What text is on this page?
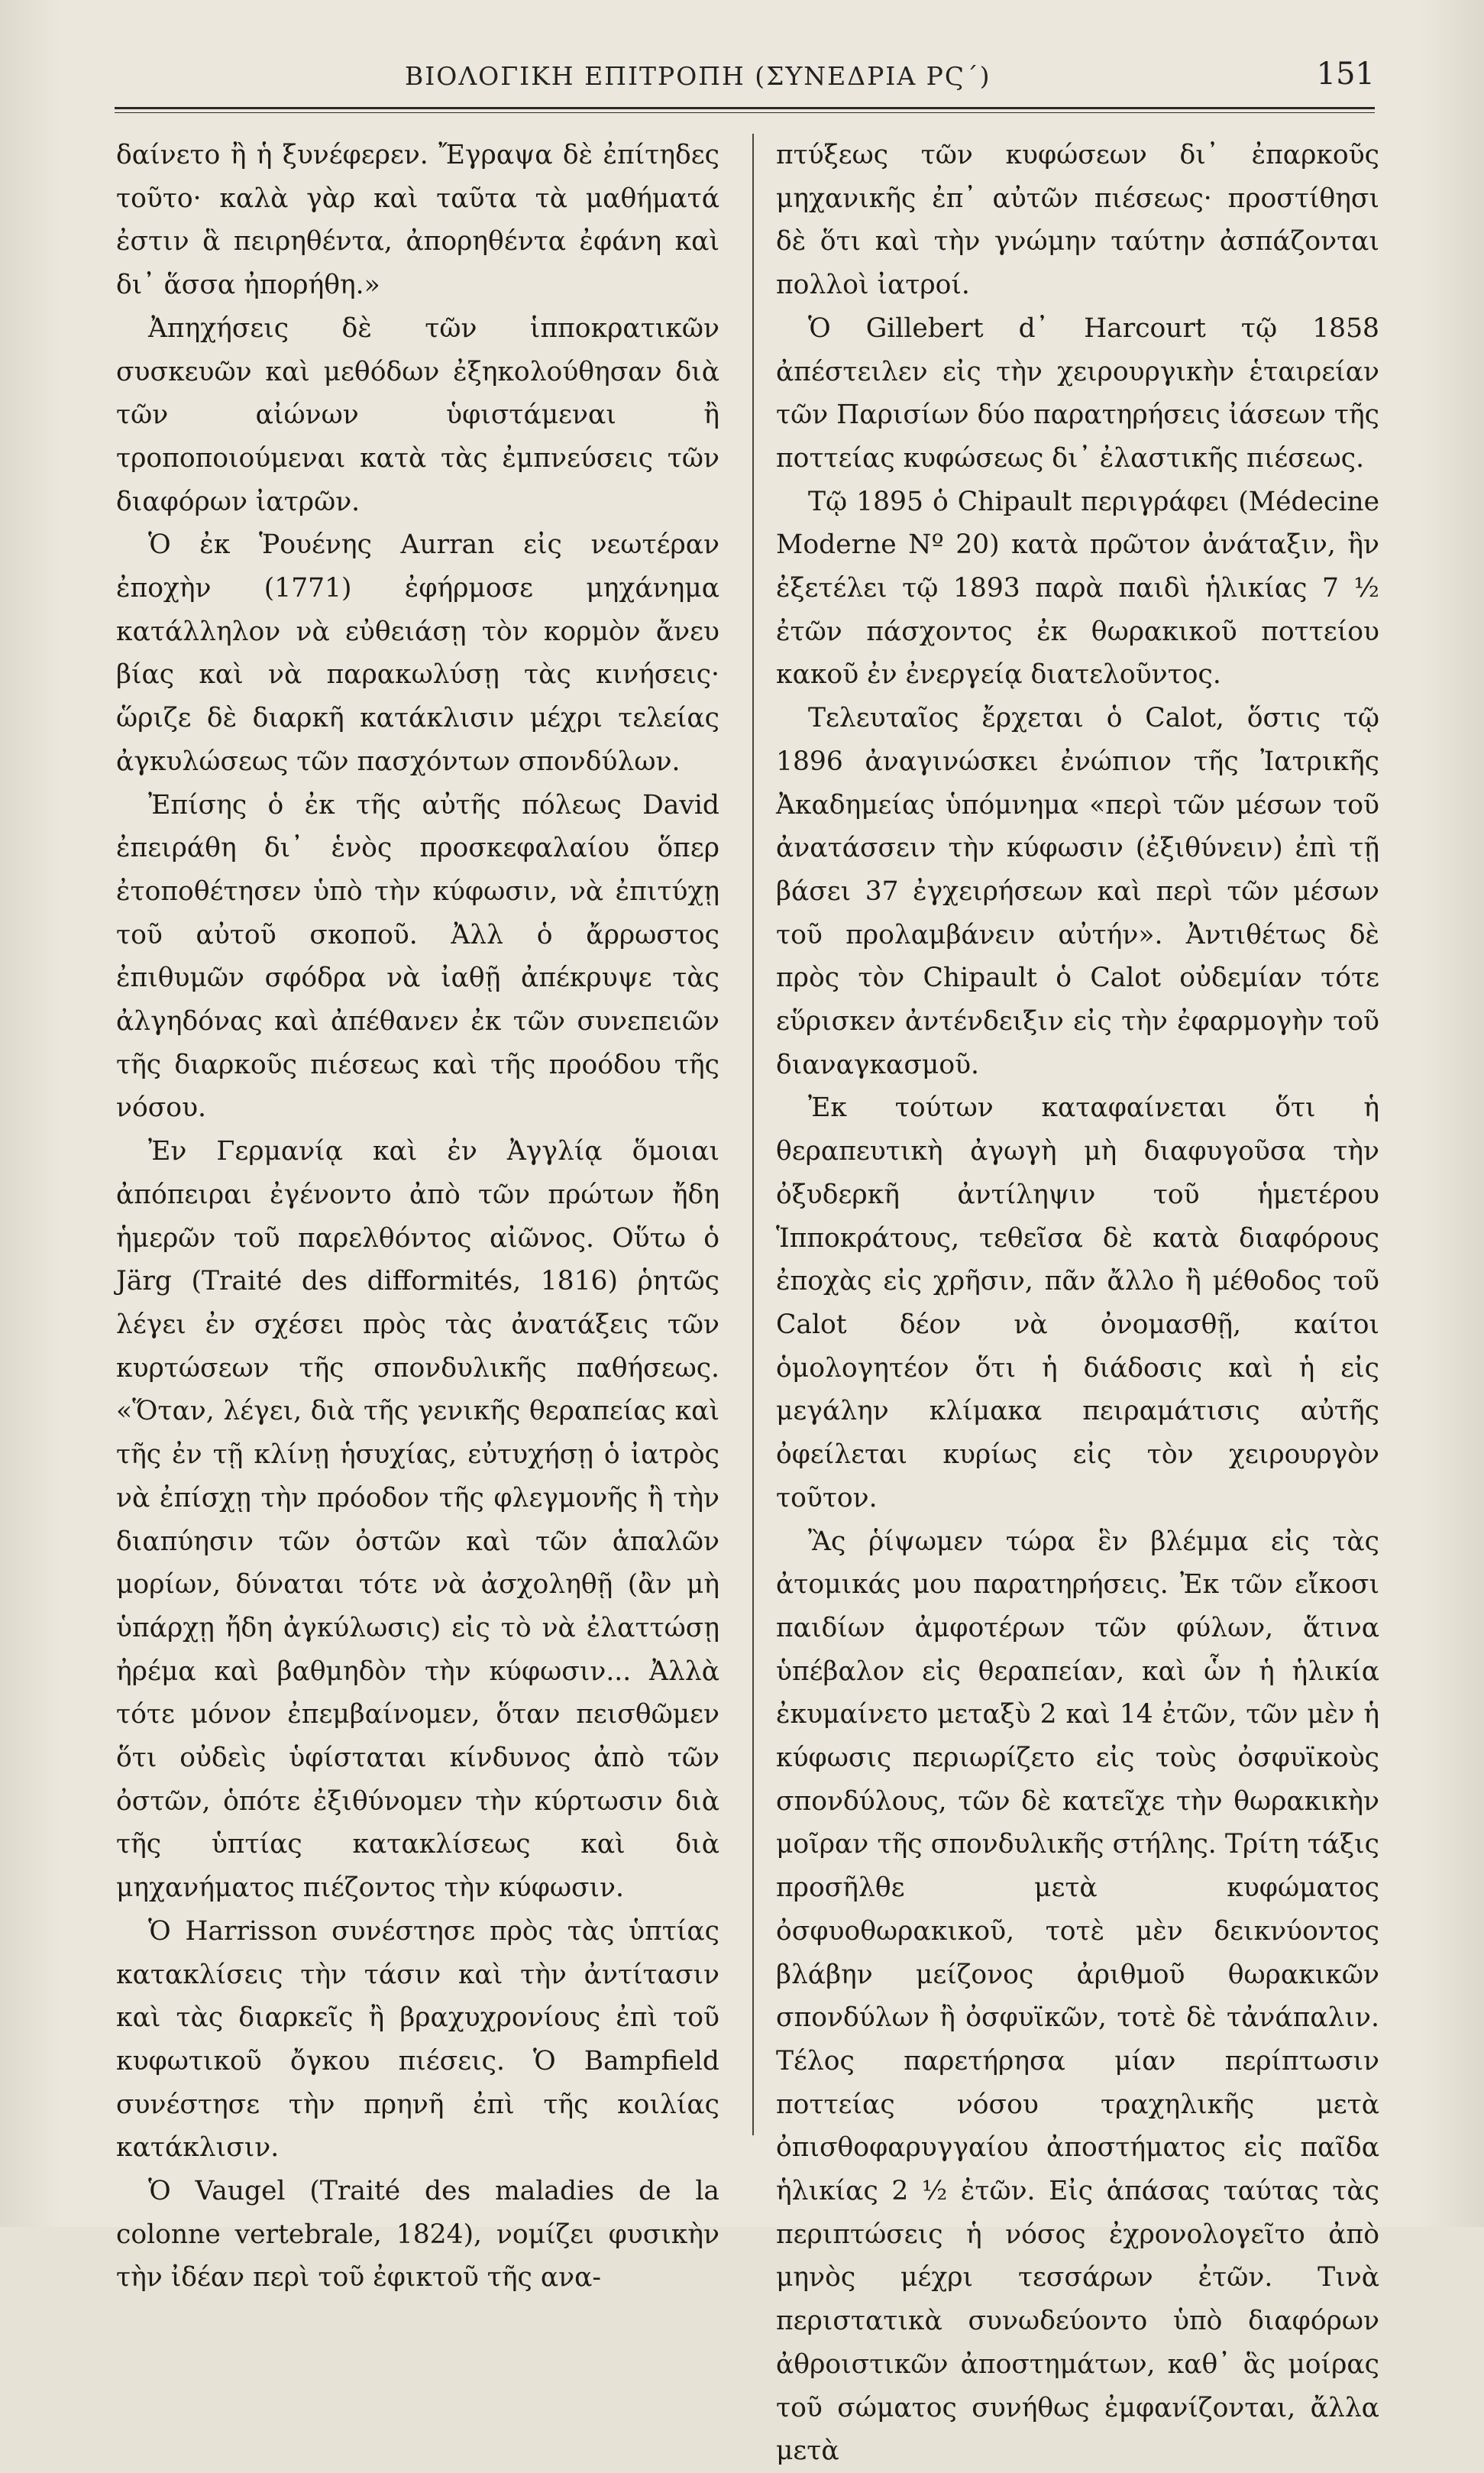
ΒΙΟΛΟΓΙΚΗ ΕΠΙΤΡΟΠΗ (ΣΥΝΕΔΡΙΑ ΡϚ΄)	151

δαίνετο ἢ ἡ ξυνέφερεν. Ἔγραψα δὲ ἐπίτηδες τοῦτο· καλὰ γὰρ καὶ ταῦτα τὰ μαθήματά ἐστιν ἃ πειρηθέντα, ἀπορηθέντα ἐφάνη καὶ δι᾽ ἅσσα ἠπορήθη.»

Ἀπηχήσεις δὲ τῶν ἱπποκρατικῶν συσκευῶν καὶ μεθόδων ἐξηκολούθησαν διὰ τῶν αἰώνων ὑφιστάμεναι ἢ τροποποιούμεναι κατὰ τὰς ἐμπνεύσεις τῶν διαφόρων ἰατρῶν.

Ὁ ἐκ Ῥουένης Aurran εἰς νεωτέραν ἐποχὴν (1771) ἐφήρμοσε μηχάνημα κατάλληλον νὰ εὐθειάσῃ τὸν κορμὸν ἄνευ βίας καὶ νὰ παρακωλύσῃ τὰς κινήσεις· ὥριζε δὲ διαρκῆ κατάκλισιν μέχρι τελείας ἀγκυλώσεως τῶν πασχόντων σπονδύλων.

Ἐπίσης ὁ ἐκ τῆς αὐτῆς πόλεως David ἐπειράθη δι᾽ ἑνὸς προσκεφαλαίου ὅπερ ἐτοποθέτησεν ὑπὸ τὴν κύφωσιν, νὰ ἐπιτύχῃ τοῦ αὐτοῦ σκοποῦ. Ἀλλ ὁ ἄρρωστος ἐπιθυμῶν σφόδρα νὰ ἰαθῇ ἀπέκρυψε τὰς ἀλγηδόνας καὶ ἀπέθανεν ἐκ τῶν συνεπειῶν τῆς διαρκοῦς πιέσεως καὶ τῆς προόδου τῆς νόσου.

Ἐν Γερμανίᾳ καὶ ἐν Ἀγγλίᾳ ὅμοιαι ἀπόπειραι ἐγένοντο ἀπὸ τῶν πρώτων ἤδη ἡμερῶν τοῦ παρελθόντος αἰῶνος. Οὕτω ὁ Järg (Traité des difformités, 1816) ῥητῶς λέγει ἐν σχέσει πρὸς τὰς ἀνατάξεις τῶν κυρτώσεων τῆς σπονδυλικῆς παθήσεως. «Ὅταν, λέγει, διὰ τῆς γενικῆς θεραπείας καὶ τῆς ἐν τῇ κλίνῃ ἡσυχίας, εὐτυχήσῃ ὁ ἰατρὸς νὰ ἐπίσχῃ τὴν πρόοδον τῆς φλεγμονῆς ἢ τὴν διαπύησιν τῶν ὀστῶν καὶ τῶν ἁπαλῶν μορίων, δύναται τότε νὰ ἀσχοληθῇ (ἂν μὴ ὑπάρχῃ ἤδη ἀγκύλωσις) εἰς τὸ νὰ ἐλαττώσῃ ἠρέμα καὶ βαθμηδὸν τὴν κύφωσιν... Ἀλλὰ τότε μόνον ἐπεμβαίνομεν, ὅταν πεισθῶμεν ὅτι οὐδεὶς ὑφίσταται κίνδυνος ἀπὸ τῶν ὀστῶν, ὁπότε ἐξιθύνομεν τὴν κύρτωσιν διὰ τῆς ὑπτίας κατακλίσεως καὶ διὰ μηχανήματος πιέζοντος τὴν κύφωσιν.

Ὁ Harrisson συνέστησε πρὸς τὰς ὑπτίας κατακλίσεις τὴν τάσιν καὶ τὴν ἀντίτασιν καὶ τὰς διαρκεῖς ἢ βραχυχρονίους ἐπὶ τοῦ κυφωτικοῦ ὄγκου πιέσεις. Ὁ Bampfield συνέστησε τὴν πρηνῆ ἐπὶ τῆς κοιλίας κατάκλισιν.

Ὁ Vaugel (Traité des maladies de la colonne vertebrale, 1824), νομίζει φυσικὴν τὴν ἰδέαν περὶ τοῦ ἐφικτοῦ τῆς ανα-

πτύξεως τῶν κυφώσεων δι᾽ ἐπαρκοῦς μηχανικῆς ἐπ᾽ αὐτῶν πιέσεως· προστίθησι δὲ ὅτι καὶ τὴν γνώμην ταύτην ἀσπάζονται πολλοὶ ἰατροί.

Ὁ Gillebert d᾽ Harcourt τῷ 1858 ἀπέστειλεν εἰς τὴν χειρουργικὴν ἑταιρείαν τῶν Παρισίων δύο παρατηρήσεις ἰάσεων τῆς ποττείας κυφώσεως δι᾽ ἐλαστικῆς πιέσεως.

Τῷ 1895 ὁ Chipault περιγράφει (Médecine Moderne Nº 20) κατὰ πρῶτον ἀνάταξιν, ἣν ἐξετέλει τῷ 1893 παρὰ παιδὶ ἡλικίας 7 ½ ἐτῶν πάσχοντος ἐκ θωρακικοῦ ποττείου κακοῦ ἐν ἐνεργείᾳ διατελοῦντος.

Τελευταῖος ἔρχεται ὁ Calot, ὅστις τῷ 1896 ἀναγινώσκει ἐνώπιον τῆς Ἰατρικῆς Ἀκαδημείας ὑπόμνημα «περὶ τῶν μέσων τοῦ ἀνατάσσειν τὴν κύφωσιν (ἐξιθύνειν) ἐπὶ τῇ βάσει 37 ἐγχειρήσεων καὶ περὶ τῶν μέσων τοῦ προλαμβάνειν αὐτήν». Ἀντιθέτως δὲ πρὸς τὸν Chipault ὁ Calot οὐδεμίαν τότε εὕρισκεν ἀντένδειξιν εἰς τὴν ἐφαρμογὴν τοῦ διαναγκασμοῦ.

Ἐκ τούτων καταφαίνεται ὅτι ἡ θεραπευτικὴ ἀγωγὴ μὴ διαφυγοῦσα τὴν ὀξυδερκῆ ἀντίληψιν τοῦ ἡμετέρου Ἱπποκράτους, τεθεῖσα δὲ κατὰ διαφόρους ἐποχὰς εἰς χρῆσιν, πᾶν ἄλλο ἢ μέθοδος τοῦ Calot δέον νὰ ὀνομασθῇ, καίτοι ὁμολογητέον ὅτι ἡ διάδοσις καὶ ἡ εἰς μεγάλην κλίμακα πειραμάτισις αὐτῆς ὀφείλεται κυρίως εἰς τὸν χειρουργὸν τοῦτον.

Ἂς ῥίψωμεν τώρα ἓν βλέμμα εἰς τὰς ἀτομικάς μου παρατηρήσεις. Ἐκ τῶν εἴκοσι παιδίων ἀμφοτέρων τῶν φύλων, ἅτινα ὑπέβαλον εἰς θεραπείαν, καὶ ὧν ἡ ἡλικία ἐκυμαίνετο μεταξὺ 2 καὶ 14 ἐτῶν, τῶν μὲν ἡ κύφωσις περιωρίζετο εἰς τοὺς ὀσφυϊκοὺς σπονδύλους, τῶν δὲ κατεῖχε τὴν θωρακικὴν μοῖραν τῆς σπονδυλικῆς στήλης. Τρίτη τάξις προσῆλθε μετὰ κυφώματος ὀσφυοθωρακικοῦ, τοτὲ μὲν δεικνύοντος βλάβην μείζονος ἀριθμοῦ θωρακικῶν σπονδύλων ἢ ὀσφυϊκῶν, τοτὲ δὲ τἀνάπαλιν. Τέλος παρετήρησα μίαν περίπτωσιν ποττείας νόσου τραχηλικῆς μετὰ ὀπισθοφαρυγγαίου ἀποστήματος εἰς παῖδα ἡλικίας 2 ½ ἐτῶν. Εἰς ἁπάσας ταύτας τὰς περιπτώσεις ἡ νόσος ἐχρονολογεῖτο ἀπὸ μηνὸς μέχρι τεσσάρων ἐτῶν. Τινὰ περιστατικὰ συνωδεύοντο ὑπὸ διαφόρων ἀθροιστικῶν ἀποστημάτων, καθ᾽ ἃς μοίρας τοῦ σώματος συνήθως ἐμφανίζονται, ἄλλα μετὰ
